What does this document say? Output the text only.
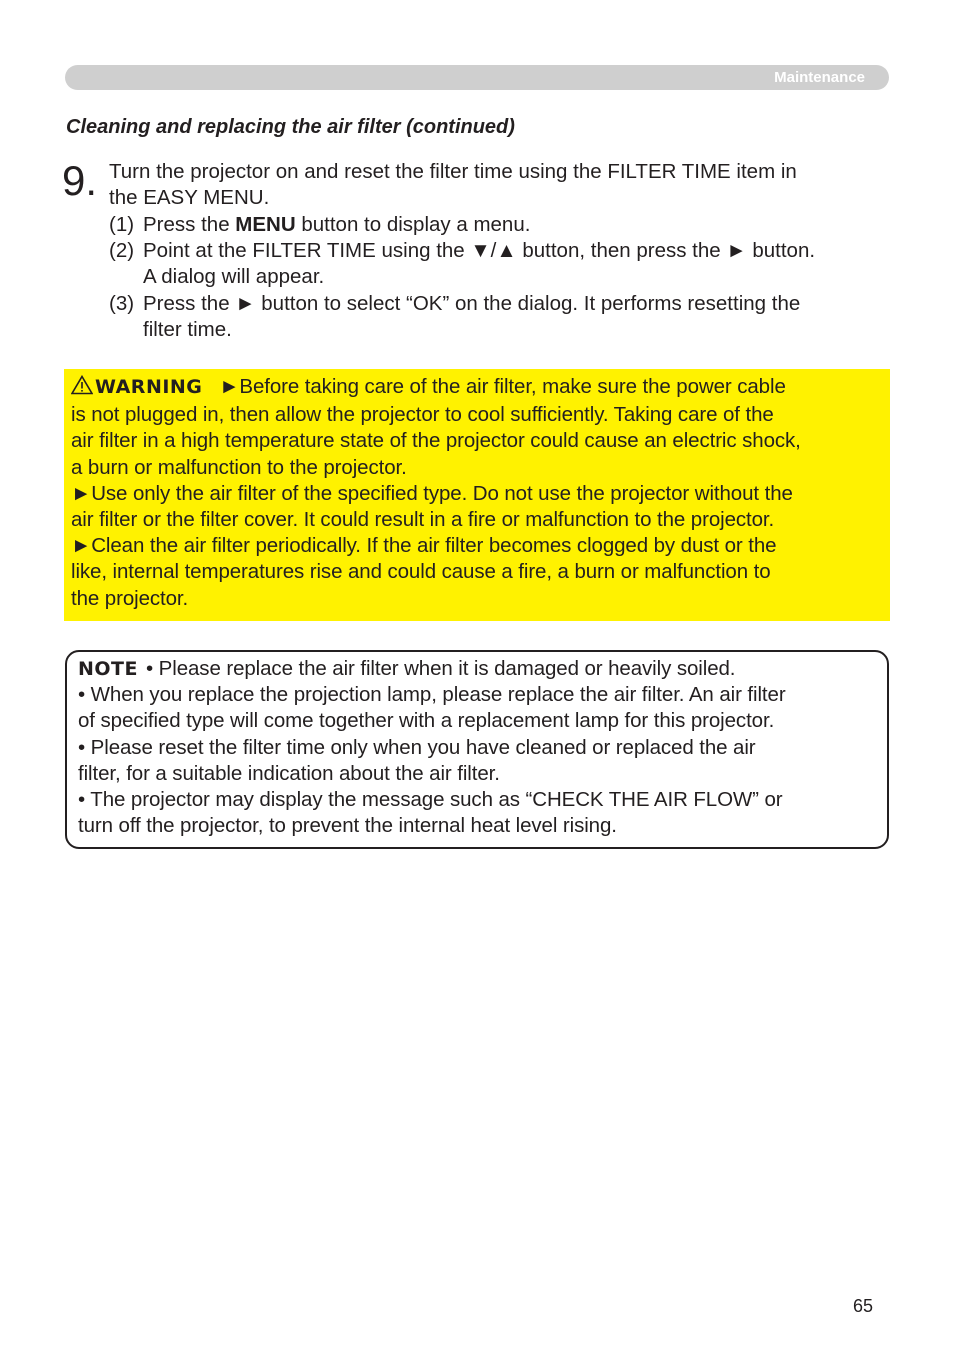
Maintenance
Cleaning and replacing the air filter (continued)
9. Turn the projector on and reset the filter time using the FILTER TIME item in
the EASY MENU.
(1) Press the MENU button to display a menu.
(2) Point at the FILTER TIME using the ▼/▲ button, then press the ► button.
A dialog will appear.
(3) Press the ► button to select “OK” on the dialog. It performs resetting the
filter time.
WARNING ►Before taking care of the air filter, make sure the power cable
is not plugged in, then allow the projector to cool sufficiently. Taking care of the
air filter in a high temperature state of the projector could cause an electric shock,
a burn or malfunction to the projector.
►Use only the air filter of the specified type. Do not use the projector without the
air filter or the filter cover. It could result in a fire or malfunction to the projector.
►Clean the air filter periodically. If the air filter becomes clogged by dust or the
like, internal temperatures rise and could cause a fire, a burn or malfunction to
the projector.
NOTE • Please replace the air filter when it is damaged or heavily soiled.
• When you replace the projection lamp, please replace the air filter. An air filter
of specified type will come together with a replacement lamp for this projector.
• Please reset the filter time only when you have cleaned or replaced the air
filter, for a suitable indication about the air filter.
• The projector may display the message such as “CHECK THE AIR FLOW” or
turn off the projector, to prevent the internal heat level rising.
65
